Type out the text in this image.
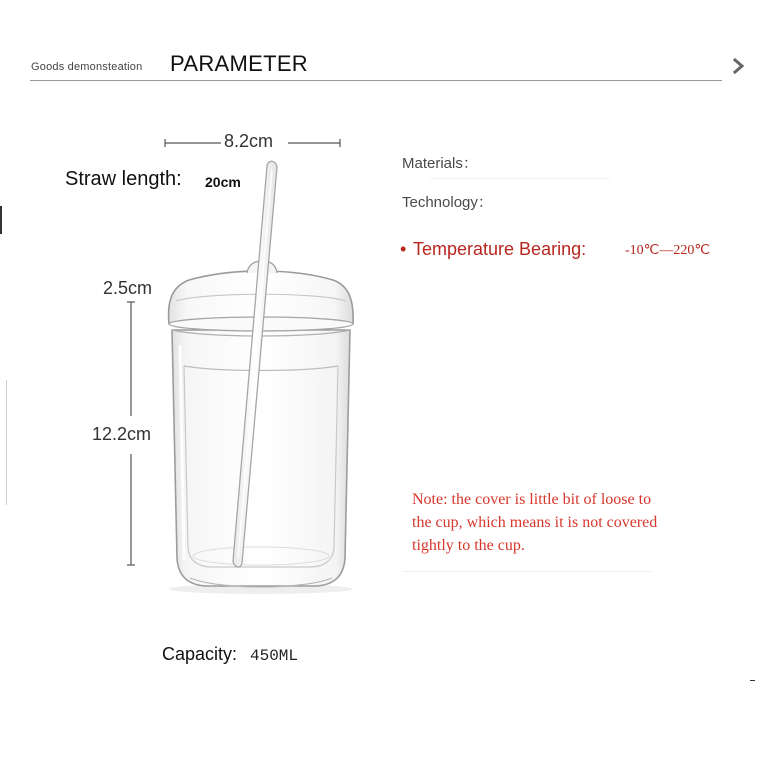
Goods demonsteation PARAMETER
8.2cm
2.5cm
12.2cm
Straw length: 20cm
Materials：
Technology：
• Temperature Bearing:	-10℃—220℃
Note: the cover is little bit of loose to
the cup, which means it is not covered
tightly to the cup.
Capacity: 450ML
